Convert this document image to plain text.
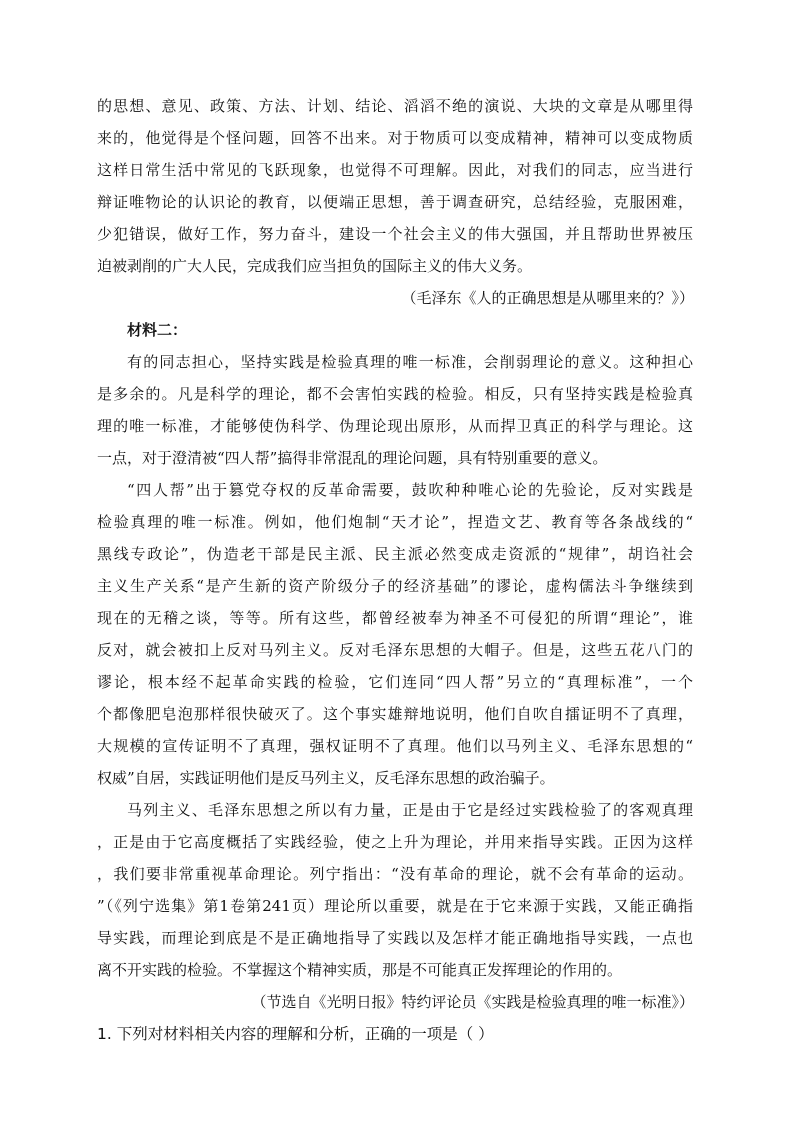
的思想、意见、政策、方法、计划、结论、滔滔不绝的演说、大块的文章是从哪里得
来的，他觉得是个怪问题，回答不出来。对于物质可以变成精神，精神可以变成物质
这样日常生活中常见的飞跃现象，也觉得不可理解。因此，对我们的同志，应当进行
辩证唯物论的认识论的教育，以便端正思想，善于调查研究，总结经验，克服困难，
少犯错误，做好工作，努力奋斗，建设一个社会主义的伟大强国，并且帮助世界被压
迫被剥削的广大人民，完成我们应当担负的国际主义的伟大义务。
（毛泽东《人的正确思想是从哪里来的？》）
材料二：
有的同志担心，坚持实践是检验真理的唯一标准，会削弱理论的意义。这种担心
是多余的。凡是科学的理论，都不会害怕实践的检验。相反，只有坚持实践是检验真
理的唯一标准，才能够使伪科学、伪理论现出原形，从而捍卫真正的科学与理论。这
一点，对于澄清被“四人帮”搞得非常混乱的理论问题，具有特别重要的意义。
“四人帮”出于篡党夺权的反革命需要，鼓吹种种唯心论的先验论，反对实践是
检验真理的唯一标准。例如，他们炮制“天才论”，捏造文艺、教育等各条战线的“
黑线专政论”，伪造老干部是民主派、民主派必然变成走资派的“规律”，胡诌社会
主义生产关系“是产生新的资产阶级分子的经济基础”的谬论，虚构儒法斗争继续到
现在的无稽之谈，等等。所有这些，都曾经被奉为神圣不可侵犯的所谓“理论”，谁
反对，就会被扣上反对马列主义。反对毛泽东思想的大帽子。但是，这些五花八门的
谬论，根本经不起革命实践的检验，它们连同“四人帮”另立的“真理标准”，一个
个都像肥皂泡那样很快破灭了。这个事实雄辩地说明，他们自吹自擂证明不了真理，
大规模的宣传证明不了真理，强权证明不了真理。他们以马列主义、毛泽东思想的“
权威”自居，实践证明他们是反马列主义，反毛泽东思想的政治骗子。
马列主义、毛泽东思想之所以有力量，正是由于它是经过实践检验了的客观真理
，正是由于它高度概括了实践经验，使之上升为理论，并用来指导实践。正因为这样
，我们要非常重视革命理论。列宁指出：“没有革命的理论，就不会有革命的运动。
”（《列宁选集》第1卷第241页）理论所以重要，就是在于它来源于实践，又能正确指
导实践，而理论到底是不是正确地指导了实践以及怎样才能正确地指导实践，一点也
离不开实践的检验。不掌握这个精神实质，那是不可能真正发挥理论的作用的。
（节选自《光明日报》特约评论员《实践是检验真理的唯一标准》）
1. 下列对材料相关内容的理解和分析，正确的一项是（ ）
